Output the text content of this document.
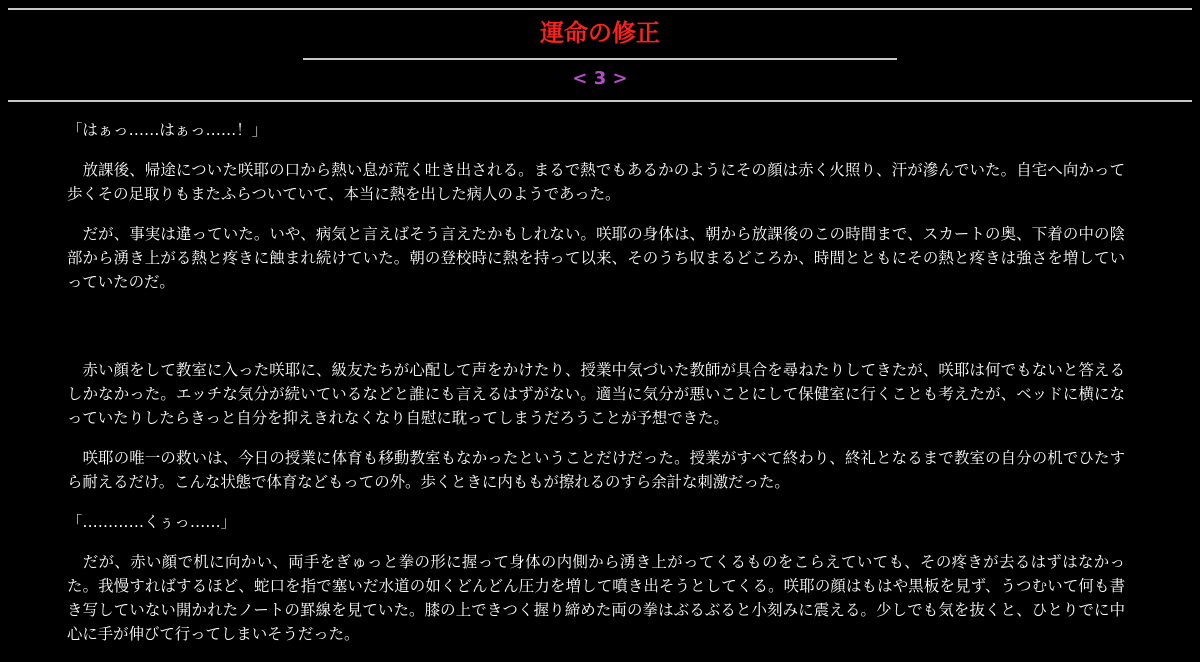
運命の修正
< 3 >

「はぁっ……はぁっ……！」

　放課後、帰途についた咲耶の口から熱い息が荒く吐き出される。まるで熱でもあるかのようにその顔は赤く火照り、汗が滲んでいた。自宅へ向かって歩くその足取りもまたふらついていて、本当に熱を出した病人のようであった。

　だが、事実は違っていた。いや、病気と言えばそう言えたかもしれない。咲耶の身体は、朝から放課後のこの時間まで、スカートの奥、下着の中の陰部から湧き上がる熱と疼きに蝕まれ続けていた。朝の登校時に熱を持って以来、そのうち収まるどころか、時間とともにその熱と疼きは強さを増していっていたのだ。

　赤い顔をして教室に入った咲耶に、級友たちが心配して声をかけたり、授業中気づいた教師が具合を尋ねたりしてきたが、咲耶は何でもないと答えるしかなかった。エッチな気分が続いているなどと誰にも言えるはずがない。適当に気分が悪いことにして保健室に行くことも考えたが、ベッドに横になっていたりしたらきっと自分を抑えきれなくなり自慰に耽ってしまうだろうことが予想できた。

　咲耶の唯一の救いは、今日の授業に体育も移動教室もなかったということだけだった。授業がすべて終わり、終礼となるまで教室の自分の机でひたすら耐えるだけ。こんな状態で体育などもっての外。歩くときに内ももが擦れるのすら余計な刺激だった。

「…………くぅっ……」

　だが、赤い顔で机に向かい、両手をぎゅっと拳の形に握って身体の内側から湧き上がってくるものをこらえていても、その疼きが去るはずはなかった。我慢すればするほど、蛇口を指で塞いだ水道の如くどんどん圧力を増して噴き出そうとしてくる。咲耶の顔はもはや黒板を見ず、うつむいて何も書き写していない開かれたノートの罫線を見ていた。膝の上できつく握り締めた両の拳はぶるぶると小刻みに震える。少しでも気を抜くと、ひとりでに中心に手が伸びて行ってしまいそうだった。
